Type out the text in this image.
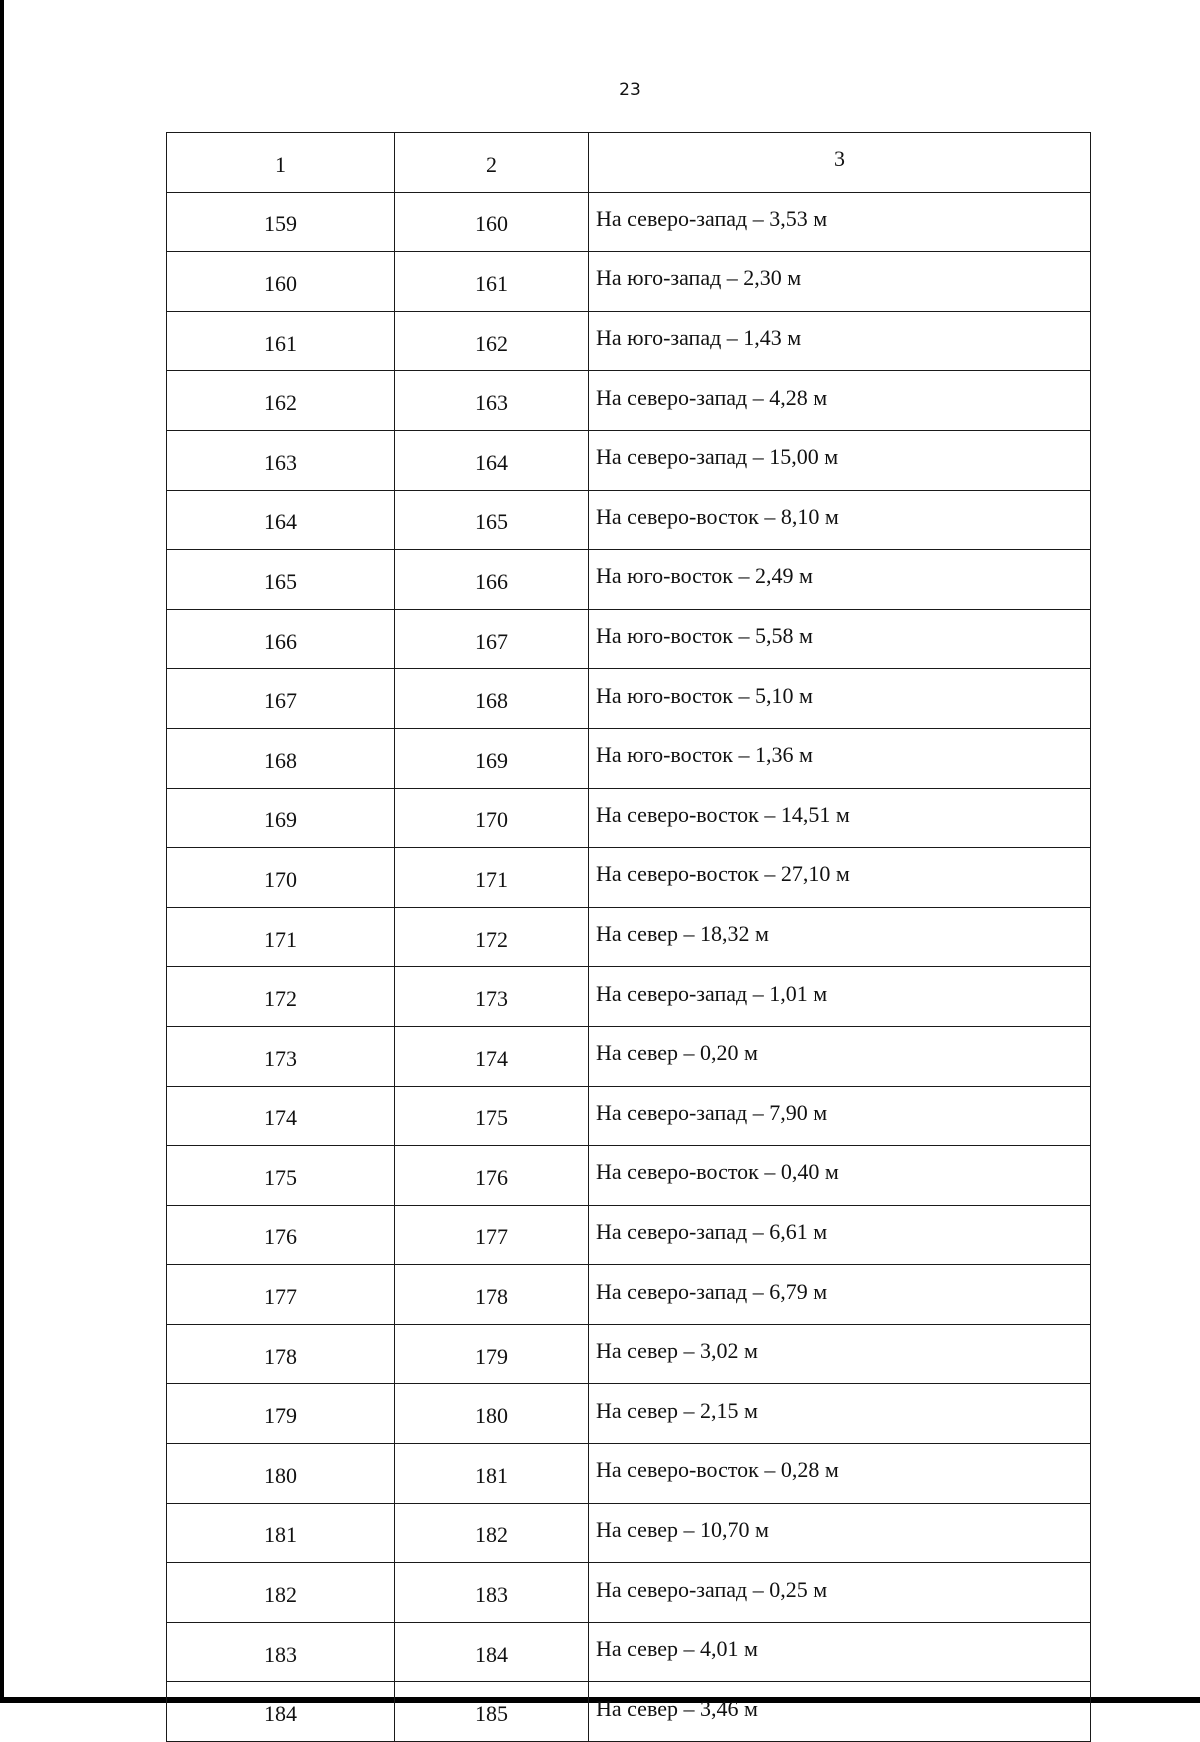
23
1	2	3
159	160	На северо-запад – 3,53 м
160	161	На юго-запад – 2,30 м
161	162	На юго-запад – 1,43 м
162	163	На северо-запад – 4,28 м
163	164	На северо-запад – 15,00 м
164	165	На северо-восток – 8,10 м
165	166	На юго-восток – 2,49 м
166	167	На юго-восток – 5,58 м
167	168	На юго-восток – 5,10 м
168	169	На юго-восток – 1,36 м
169	170	На северо-восток – 14,51 м
170	171	На северо-восток – 27,10 м
171	172	На север – 18,32 м
172	173	На северо-запад – 1,01 м
173	174	На север – 0,20 м
174	175	На северо-запад – 7,90 м
175	176	На северо-восток – 0,40 м
176	177	На северо-запад – 6,61 м
177	178	На северо-запад – 6,79 м
178	179	На север – 3,02 м
179	180	На север – 2,15 м
180	181	На северо-восток – 0,28 м
181	182	На север – 10,70 м
182	183	На северо-запад – 0,25 м
183	184	На север – 4,01 м
184	185	На север – 3,46 м
